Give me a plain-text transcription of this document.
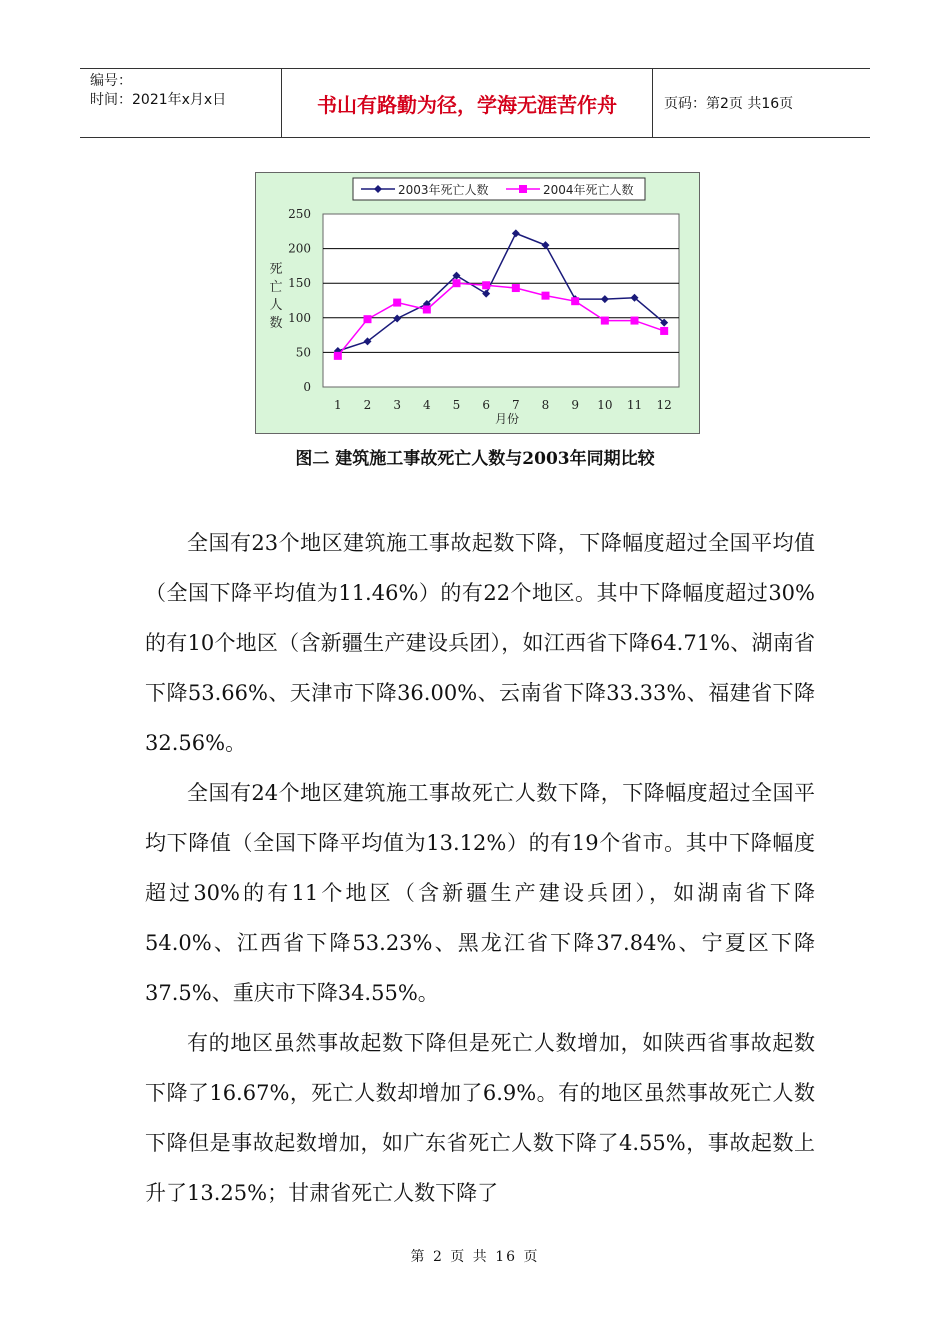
编号：
时间：2021年x月x日	书山有路勤为径，学海无涯苦作舟	页码：第2页 共16页
0
50
100
150
200
250
1 2 3 4 5 6 7 8 9 10 11 12
月份
死
亡
人
数
2003年死亡人数	2004年死亡人数
图二 建筑施工事故死亡人数与2003年同期比较

全国有23个地区建筑施工事故起数下降，下降幅度超过全国平均值（全国下降平均值为11.46%）的有22个地区。其中下降幅度超过30%的有10个地区（含新疆生产建设兵团），如江西省下降64.71%、湖南省下降53.66%、天津市下降36.00%、云南省下降33.33%、福建省下降32.56%。

全国有24个地区建筑施工事故死亡人数下降，下降幅度超过全国平均下降值（全国下降平均值为13.12%）的有19个省市。其中下降幅度超过30%的有11个地区（含新疆生产建设兵团），如湖南省下降54.0%、江西省下降53.23%、黑龙江省下降37.84%、宁夏区下降37.5%、重庆市下降34.55%。

有的地区虽然事故起数下降但是死亡人数增加，如陕西省事故起数下降了16.67%，死亡人数却增加了6.9%。有的地区虽然事故死亡人数下降但是事故起数增加，如广东省死亡人数下降了4.55%，事故起数上升了13.25%；甘肃省死亡人数下降了

第 2 页 共 16 页
